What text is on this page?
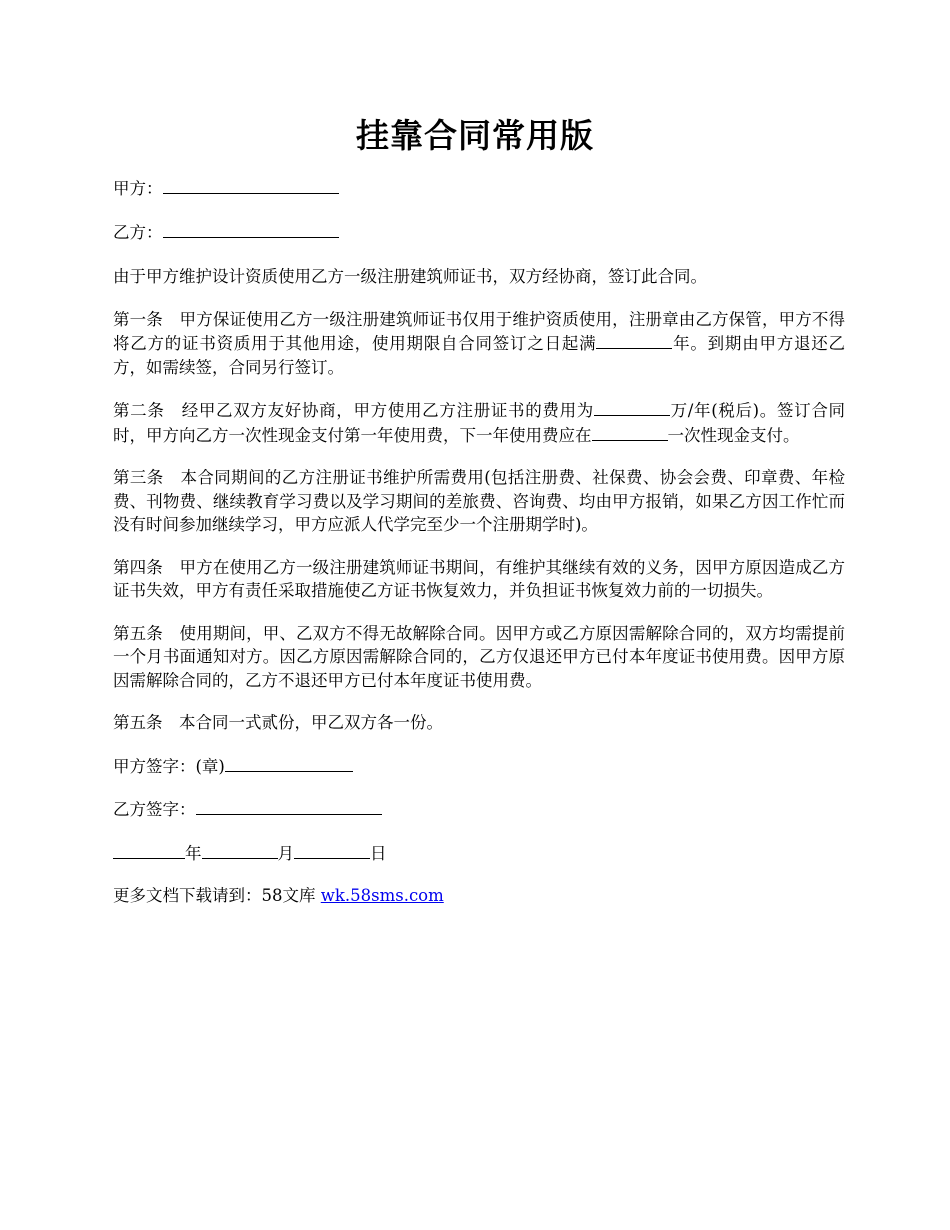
挂靠合同常用版

甲方：

乙方：

由于甲方维护设计资质使用乙方一级注册建筑师证书，双方经协商，签订此合同。

第一条　甲方保证使用乙方一级注册建筑师证书仅用于维护资质使用，注册章由乙方保管，甲方不得将乙方的证书资质用于其他用途，使用期限自合同签订之日起满	年。到期由甲方退还乙方，如需续签，合同另行签订。

第二条　经甲乙双方友好协商，甲方使用乙方注册证书的费用为	万/年(税后)。签订合同时，甲方向乙方一次性现金支付第一年使用费，下一年使用费应在	一次性现金支付。

第三条　本合同期间的乙方注册证书维护所需费用(包括注册费、社保费、协会会费、印章费、年检费、刊物费、继续教育学习费以及学习期间的差旅费、咨询费、均由甲方报销，如果乙方因工作忙而没有时间参加继续学习，甲方应派人代学完至少一个注册期学时)。

第四条　甲方在使用乙方一级注册建筑师证书期间，有维护其继续有效的义务，因甲方原因造成乙方证书失效，甲方有责任采取措施使乙方证书恢复效力，并负担证书恢复效力前的一切损失。

第五条　使用期间，甲、乙双方不得无故解除合同。因甲方或乙方原因需解除合同的，双方均需提前一个月书面通知对方。因乙方原因需解除合同的，乙方仅退还甲方已付本年度证书使用费。因甲方原因需解除合同的，乙方不退还甲方已付本年度证书使用费。

第五条　本合同一式贰份，甲乙双方各一份。

甲方签字：(章)

乙方签字：

年	月	日

更多文档下载请到：58文库 wk.58sms.com
